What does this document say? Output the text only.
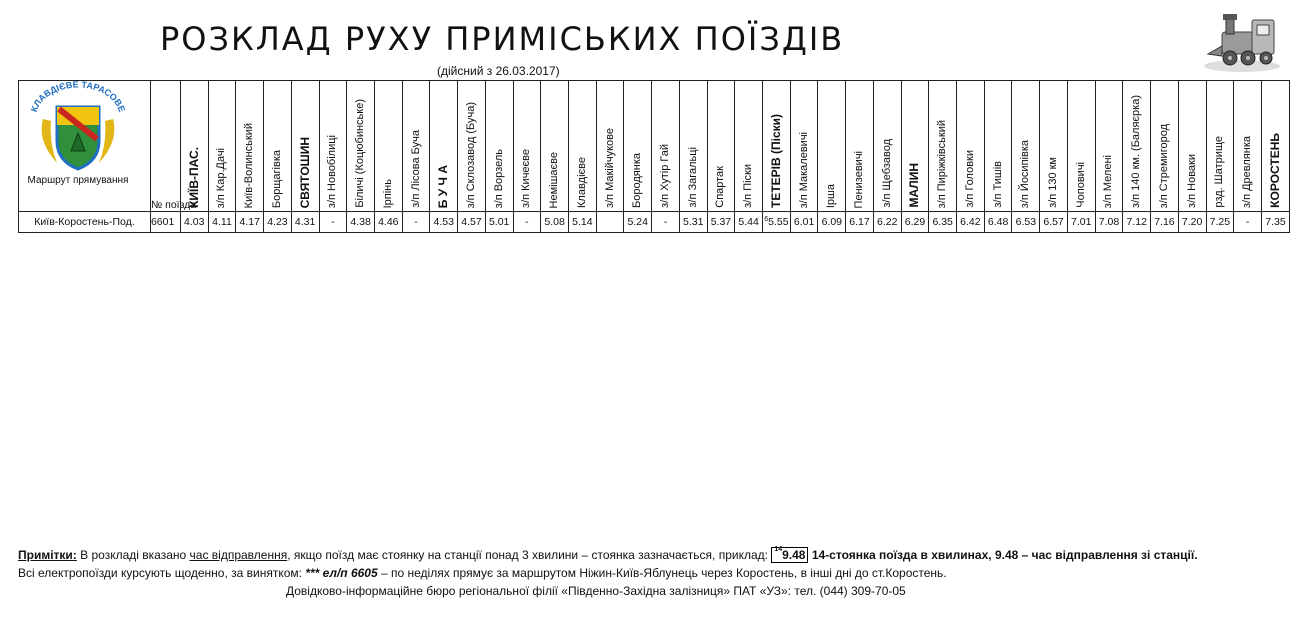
РОЗКЛАД РУХУ ПРИМІСЬКИХ ПОЇЗДІВ
(дійсний з 26.03.2017)
КЛАВДІЄВЕ ТАРАСОВЕ
Маршрут прямування	№ поїзда	КИЇВ-ПАС.	з/п Кар.Дачі	Київ-Волинський	Борщагівка	СВЯТОШИН	з/п Новобілиці	Біличі (Коцюбинське)	Ірпінь	з/п Лісова Буча	Б У Ч А	з/п Склозавод (Буча)	з/п Ворзель	з/п Кичеєве	Немішаєве	Клавдієве	з/п Макійчукове	Бородянка	з/п Хутір Гай	з/п Загальці	Спартак	з/п Піски	ТЕТЕРІВ (Піски)	з/п Макалевичі	Ірша	Пенизевичі	з/п Щебзавод	МАЛИН	з/п Пиріжківський	з/п Головки	з/п Тишів	з/п Йосипівка	з/п 130 км	Чоповичі	з/п Мелені	з/п 140 км. (Баляєрка)	з/п Стремигород	з/п Новаки	рзд. Шатрище	з/п Древлянка	КОРОСТЕНЬ
Київ-Коростень-Под.	6601	4.03	4.11	4.17	4.23	4.31	-	4.38	4.46	-	4.53	4.57	5.01	-	5.08	5.14		5.24	-	5.31	5.37	5.44	$^6$5.55	6.01	6.09	6.17	6.22	6.29	6.35	6.42	6.48	6.53	6.57	7.01	7.08	7.12	7.16	7.20	7.25	-	7.35

Примітки: В розкладі вказано час відправлення, якщо поїзд має стоянку на станції понад 3 хвилини – стоянка зазначається, приклад: $^{14}$9.48 14-стоянка поїзда в хвилинах, 9.48 – час відправлення зі станції.

Всі електропоїзди курсують щоденно, за винятком: *** ел/п 6605 – по неділях прямує за маршрутом Ніжин-Київ-Яблунець через Коростень, в інші дні до ст.Коростень.

Довідково-інформаційне бюро регіональної філії «Південно-Західна залізниця» ПАТ «УЗ»: тел. (044) 309-70-05
